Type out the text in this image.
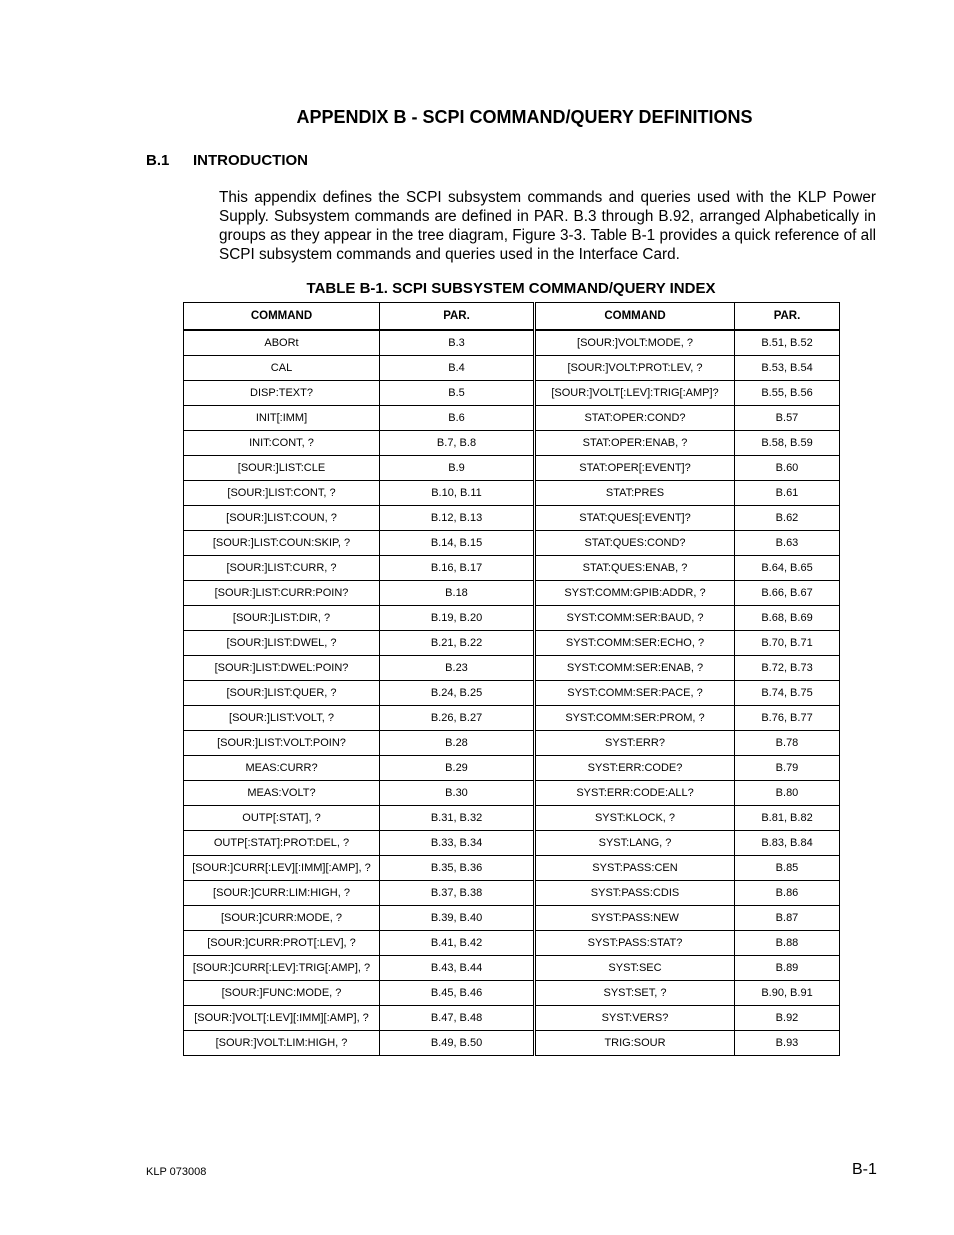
APPENDIX B - SCPI COMMAND/QUERY DEFINITIONS
B.1 INTRODUCTION

This appendix defines the SCPI subsystem commands and queries used with the KLP Power Supply. Subsystem commands are defined in PAR. B.3 through B.92, arranged Alphabetically in groups as they appear in the tree diagram, Figure 3-3. Table B-1 provides a quick reference of all SCPI subsystem commands and queries used in the Interface Card.

TABLE B-1. SCPI SUBSYSTEM COMMAND/QUERY INDEX
COMMAND	PAR.	COMMAND	PAR.
ABORt	B.3	[SOUR:]VOLT:MODE, ?	B.51, B.52
CAL	B.4	[SOUR:]VOLT:PROT:LEV, ?	B.53, B.54
DISP:TEXT?	B.5	[SOUR:]VOLT[:LEV]:TRIG[:AMP]?	B.55, B.56
INIT[:IMM]	B.6	STAT:OPER:COND?	B.57
INIT:CONT, ?	B.7, B.8	STAT:OPER:ENAB, ?	B.58, B.59
[SOUR:]LIST:CLE	B.9	STAT:OPER[:EVENT]?	B.60
[SOUR:]LIST:CONT, ?	B.10, B.11	STAT:PRES	B.61
[SOUR:]LIST:COUN, ?	B.12, B.13	STAT:QUES[:EVENT]?	B.62
[SOUR:]LIST:COUN:SKIP, ?	B.14, B.15	STAT:QUES:COND?	B.63
[SOUR:]LIST:CURR, ?	B.16, B.17	STAT:QUES:ENAB, ?	B.64, B.65
[SOUR:]LIST:CURR:POIN?	B.18	SYST:COMM:GPIB:ADDR, ?	B.66, B.67
[SOUR:]LIST:DIR, ?	B.19, B.20	SYST:COMM:SER:BAUD, ?	B.68, B.69
[SOUR:]LIST:DWEL, ?	B.21, B.22	SYST:COMM:SER:ECHO, ?	B.70, B.71
[SOUR:]LIST:DWEL:POIN?	B.23	SYST:COMM:SER:ENAB, ?	B.72, B.73
[SOUR:]LIST:QUER, ?	B.24, B.25	SYST:COMM:SER:PACE, ?	B.74, B.75
[SOUR:]LIST:VOLT, ?	B.26, B.27	SYST:COMM:SER:PROM, ?	B.76, B.77
[SOUR:]LIST:VOLT:POIN?	B.28	SYST:ERR?	B.78
MEAS:CURR?	B.29	SYST:ERR:CODE?	B.79
MEAS:VOLT?	B.30	SYST:ERR:CODE:ALL?	B.80
OUTP[:STAT], ?	B.31, B.32	SYST:KLOCK, ?	B.81, B.82
OUTP[:STAT]:PROT:DEL, ?	B.33, B.34	SYST:LANG, ?	B.83, B.84
[SOUR:]CURR[:LEV][:IMM][:AMP], ?	B.35, B.36	SYST:PASS:CEN	B.85
[SOUR:]CURR:LIM:HIGH, ?	B.37, B.38	SYST:PASS:CDIS	B.86
[SOUR:]CURR:MODE, ?	B.39, B.40	SYST:PASS:NEW	B.87
[SOUR:]CURR:PROT[:LEV], ?	B.41, B.42	SYST:PASS:STAT?	B.88
[SOUR:]CURR[:LEV]:TRIG[:AMP], ?	B.43, B.44	SYST:SEC	B.89
[SOUR:]FUNC:MODE, ?	B.45, B.46	SYST:SET, ?	B.90, B.91
[SOUR:]VOLT[:LEV][:IMM][:AMP], ?	B.47, B.48	SYST:VERS?	B.92
[SOUR:]VOLT:LIM:HIGH, ?	B.49, B.50	TRIG:SOUR	B.93
KLP 073008	B-1
